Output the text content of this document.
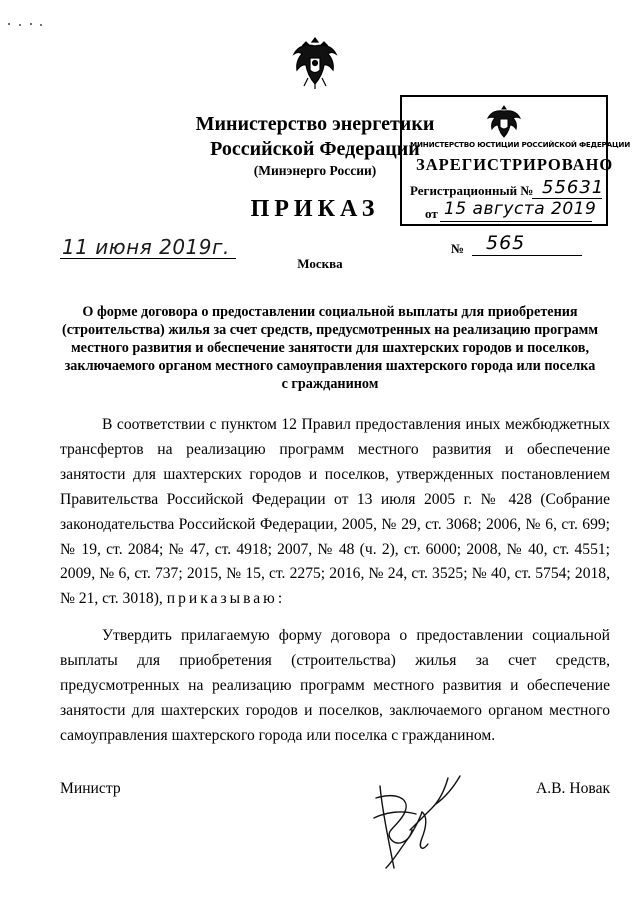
Министерство энергетики
Российской Федерации
(Минэнерго России)
ПРИКАЗ
МИНИСТЕРСТВО ЮСТИЦИИ РОССИЙСКОЙ ФЕДЕРАЦИИ
ЗАРЕГИСТРИРОВАНО
Регистрационный № 55631
от 15 августа 2019
11 июня 2019г.	№ 565
Москва
О форме договора о предоставлении социальной выплаты для приобретения (строительства) жилья за счет средств, предусмотренных на реализацию программ местного развития и обеспечение занятости для шахтерских городов и поселков, заключаемого органом местного самоуправления шахтерского города или поселка с гражданином
В соответствии с пунктом 12 Правил предоставления иных межбюджетных трансфертов на реализацию программ местного развития и обеспечение занятости для шахтерских городов и поселков, утвержденных постановлением Правительства Российской Федерации от 13 июля 2005 г. № 428 (Собрание законодательства Российской Федерации, 2005, № 29, ст. 3068; 2006, № 6, ст. 699; № 19, ст. 2084; № 47, ст. 4918; 2007, № 48 (ч. 2), ст. 6000; 2008, № 40, ст. 4551; 2009, № 6, ст. 737; 2015, № 15, ст. 2275; 2016, № 24, ст. 3525; № 40, ст. 5754; 2018, № 21, ст. 3018), приказываю:
Утвердить прилагаемую форму договора о предоставлении социальной выплаты для приобретения (строительства) жилья за счет средств, предусмотренных на реализацию программ местного развития и обеспечение занятости для шахтерских городов и поселков, заключаемого органом местного самоуправления шахтерского города или поселка с гражданином.
Министр	А.В. Новак
